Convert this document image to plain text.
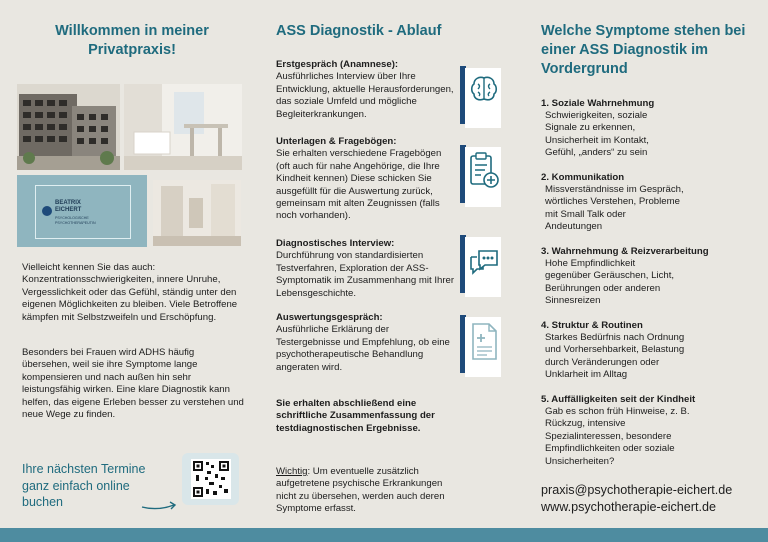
Willkommen in meiner
Privatpraxis!
BEATRIX
EICHERT
PSYCHOLOGISCHE PSYCHOTHERAPEUTIN
Vielleicht kennen Sie das auch: Konzentrationsschwierigkeiten, innere Unruhe, Vergesslichkeit oder das Gefühl, ständig unter den eigenen Möglichkeiten zu bleiben. Viele Betroffene kämpfen mit Selbstzweifeln und Erschöpfung.
Besonders bei Frauen wird ADHS häufig übersehen, weil sie ihre Symptome lange kompensieren und nach außen hin sehr leistungsfähig wirken. Eine klare Diagnostik kann helfen, das eigene Erleben besser zu verstehen und neue Wege zu finden.
Ihre nächsten Termine
ganz einfach online
buchen
ASS Diagnostik - Ablauf
Erstgespräch (Anamnese):
Ausführliches Interview über Ihre Entwicklung, aktuelle Herausforderungen, das soziale Umfeld und mögliche Begleiterkrankungen.
Unterlagen & Fragebögen:
Sie erhalten verschiedene Fragebögen (oft auch für nahe Angehörige, die Ihre Kindheit kennen) Diese schicken Sie ausgefüllt für die Auswertung zurück, gemeinsam mit alten Zeugnissen (falls noch vorhanden).
Diagnostisches Interview:
Durchführung von standardisierten Testverfahren, Exploration der ASS-Symptomatik im Zusammenhang mit Ihrer Lebensgeschichte.
Auswertungsgespräch:
Ausführliche Erklärung der Testergebnisse und Empfehlung, ob eine psychotherapeutische Behandlung angeraten wird.
Sie erhalten abschließend eine schriftliche Zusammenfassung der testdiagnostischen Ergebnisse.
Wichtig: Um eventuelle zusätzlich aufgetretene psychische Erkrankungen nicht zu übersehen, werden auch deren Symptome erfasst.
Welche Symptome stehen bei
einer ASS Diagnostik im
Vordergrund
1. Soziale Wahrnehmung
Schwierigkeiten, soziale Signale zu erkennen, Unsicherheit im Kontakt, Gefühl, „anders“ zu sein
2. Kommunikation
Missverständnisse im Gespräch, wörtliches Verstehen, Probleme mit Small Talk oder Andeutungen
3. Wahrnehmung & Reizverarbeitung
Hohe Empfindlichkeit gegenüber Geräuschen, Licht, Berührungen oder anderen Sinnesreizen
4. Struktur & Routinen
Starkes Bedürfnis nach Ordnung und Vorhersehbarkeit, Belastung durch Veränderungen oder Unklarheit im Alltag
5. Auffälligkeiten seit der Kindheit
Gab es schon früh Hinweise, z. B. Rückzug, intensive Spezialinteressen, besondere Empfindlichkeiten oder soziale Unsicherheiten?
praxis@psychotherapie-eichert.de
www.psychotherapie-eichert.de
